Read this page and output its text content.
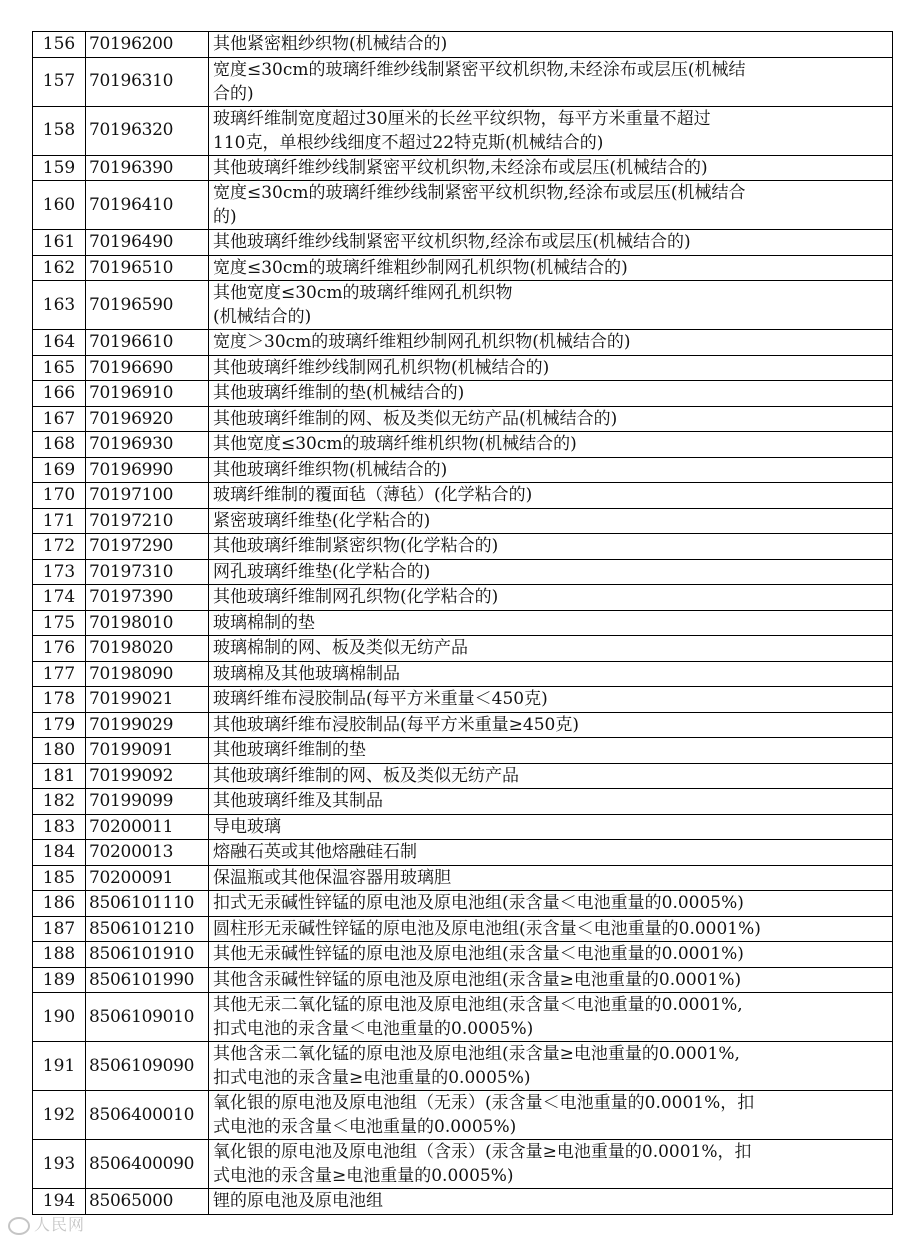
156	70196200	其他紧密粗纱织物(机械结合的)

157	70196310	宽度≤30cm的玻璃纤维纱线制紧密平纹机织物,未经涂布或层压(机械结
合的)

158	70196320	玻璃纤维制宽度超过30厘米的长丝平纹织物，每平方米重量不超过
110克，单根纱线细度不超过22特克斯(机械结合的)

159	70196390	其他玻璃纤维纱线制紧密平纹机织物,未经涂布或层压(机械结合的)

160	70196410	宽度≤30cm的玻璃纤维纱线制紧密平纹机织物,经涂布或层压(机械结合
的)

161	70196490	其他玻璃纤维纱线制紧密平纹机织物,经涂布或层压(机械结合的)

162	70196510	宽度≤30cm的玻璃纤维粗纱制网孔机织物(机械结合的)

163	70196590	其他宽度≤30cm的玻璃纤维网孔机织物
(机械结合的)

164	70196610	宽度＞30cm的玻璃纤维粗纱制网孔机织物(机械结合的)

165	70196690	其他玻璃纤维纱线制网孔机织物(机械结合的)

166	70196910	其他玻璃纤维制的垫(机械结合的)

167	70196920	其他玻璃纤维制的网、板及类似无纺产品(机械结合的)

168	70196930	其他宽度≤30cm的玻璃纤维机织物(机械结合的)

169	70196990	其他玻璃纤维织物(机械结合的)

170	70197100	玻璃纤维制的覆面毡（薄毡）(化学粘合的)

171	70197210	紧密玻璃纤维垫(化学粘合的)

172	70197290	其他玻璃纤维制紧密织物(化学粘合的)

173	70197310	网孔玻璃纤维垫(化学粘合的)

174	70197390	其他玻璃纤维制网孔织物(化学粘合的)

175	70198010	玻璃棉制的垫

176	70198020	玻璃棉制的网、板及类似无纺产品

177	70198090	玻璃棉及其他玻璃棉制品

178	70199021	玻璃纤维布浸胶制品(每平方米重量＜450克)

179	70199029	其他玻璃纤维布浸胶制品(每平方米重量≥450克)

180	70199091	其他玻璃纤维制的垫

181	70199092	其他玻璃纤维制的网、板及类似无纺产品

182	70199099	其他玻璃纤维及其制品

183	70200011	导电玻璃

184	70200013	熔融石英或其他熔融硅石制

185	70200091	保温瓶或其他保温容器用玻璃胆

186	8506101110	扣式无汞碱性锌锰的原电池及原电池组(汞含量＜电池重量的0.0005%)

187	8506101210	圆柱形无汞碱性锌锰的原电池及原电池组(汞含量＜电池重量的0.0001%)

188	8506101910	其他无汞碱性锌锰的原电池及原电池组(汞含量＜电池重量的0.0001%)

189	8506101990	其他含汞碱性锌锰的原电池及原电池组(汞含量≥电池重量的0.0001%)

190	8506109010	其他无汞二氧化锰的原电池及原电池组(汞含量＜电池重量的0.0001%,
扣式电池的汞含量＜电池重量的0.0005%)

191	8506109090	其他含汞二氧化锰的原电池及原电池组(汞含量≥电池重量的0.0001%,
扣式电池的汞含量≥电池重量的0.0005%)

192	8506400010	氧化银的原电池及原电池组（无汞）(汞含量＜电池重量的0.0001%，扣
式电池的汞含量＜电池重量的0.0005%)

193	8506400090	氧化银的原电池及原电池组（含汞）(汞含量≥电池重量的0.0001%，扣
式电池的汞含量≥电池重量的0.0005%)

194	85065000	锂的原电池及原电池组
人民网
